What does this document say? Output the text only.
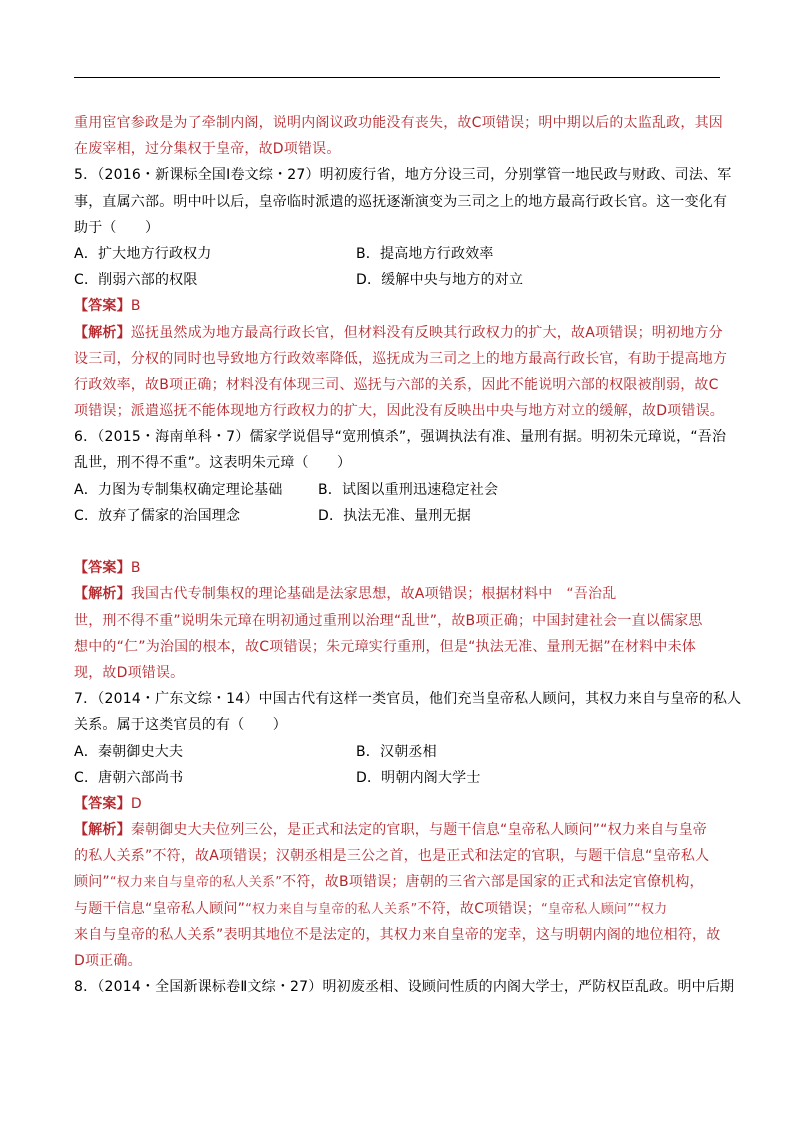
重用宦官参政是为了牵制内阁，说明内阁议政功能没有丧失，故C项错误；明中期以后的太监乱政，其因
在废宰相，过分集权于皇帝，故D项错误。
5．（2016・新课标全国Ⅰ卷文综・27）明初废行省，地方分设三司，分别掌管一地民政与财政、司法、军
事，直属六部。明中叶以后，皇帝临时派遣的巡抚逐渐演变为三司之上的地方最高行政长官。这一变化有
助于（　　）
A．扩大地方行政权力	B．提高地方行政效率
C．削弱六部的权限	D．缓解中央与地方的对立
【答案】B
【解析】巡抚虽然成为地方最高行政长官，但材料没有反映其行政权力的扩大，故A项错误；明初地方分
设三司，分权的同时也导致地方行政效率降低，巡抚成为三司之上的地方最高行政长官，有助于提高地方
行政效率，故B项正确；材料没有体现三司、巡抚与六部的关系，因此不能说明六部的权限被削弱，故C
项错误；派遣巡抚不能体现地方行政权力的扩大，因此没有反映出中央与地方对立的缓解，故D项错误。
6．（2015・海南单科・7）儒家学说倡导“宽刑慎杀”，强调执法有准、量刑有据。明初朱元璋说，“吾治
乱世，刑不得不重”。这表明朱元璋（　　）
A．力图为专制集权确定理论基础	B．试图以重刑迅速稳定社会
C．放弃了儒家的治国理念	D．执法无准、量刑无据
【答案】B
【解析】我国古代专制集权的理论基础是法家思想，故A项错误；根据材料中 “吾治乱
世，刑不得不重”说明朱元璋在明初通过重刑以治理“乱世”，故B项正确；中国封建社会一直以儒家思
想中的“仁”为治国的根本，故C项错误；朱元璋实行重刑，但是“执法无准、量刑无据”在材料中未体
现，故D项错误。
7．（2014・广东文综・14）中国古代有这样一类官员，他们充当皇帝私人顾问，其权力来自与皇帝的私人
关系。属于这类官员的有（　　）
A．秦朝御史大夫	B．汉朝丞相
C．唐朝六部尚书	D．明朝内阁大学士
【答案】D
【解析】秦朝御史大夫位列三公，是正式和法定的官职，与题干信息“皇帝私人顾问”“权力来自与皇帝
的私人关系”不符，故A项错误；汉朝丞相是三公之首，也是正式和法定的官职，与题干信息“皇帝私人
顾问”“权力来自与皇帝的私人关系”不符，故B项错误；唐朝的三省六部是国家的正式和法定官僚机构，
与题干信息“皇帝私人顾问”“权力来自与皇帝的私人关系”不符，故C项错误；“皇帝私人顾问”“权力
来自与皇帝的私人关系”表明其地位不是法定的，其权力来自皇帝的宠幸，这与明朝内阁的地位相符，故
D项正确。
8．（2014・全国新课标卷Ⅱ文综・27）明初废丞相、设顾问性质的内阁大学士，严防权臣乱政。明中后期
